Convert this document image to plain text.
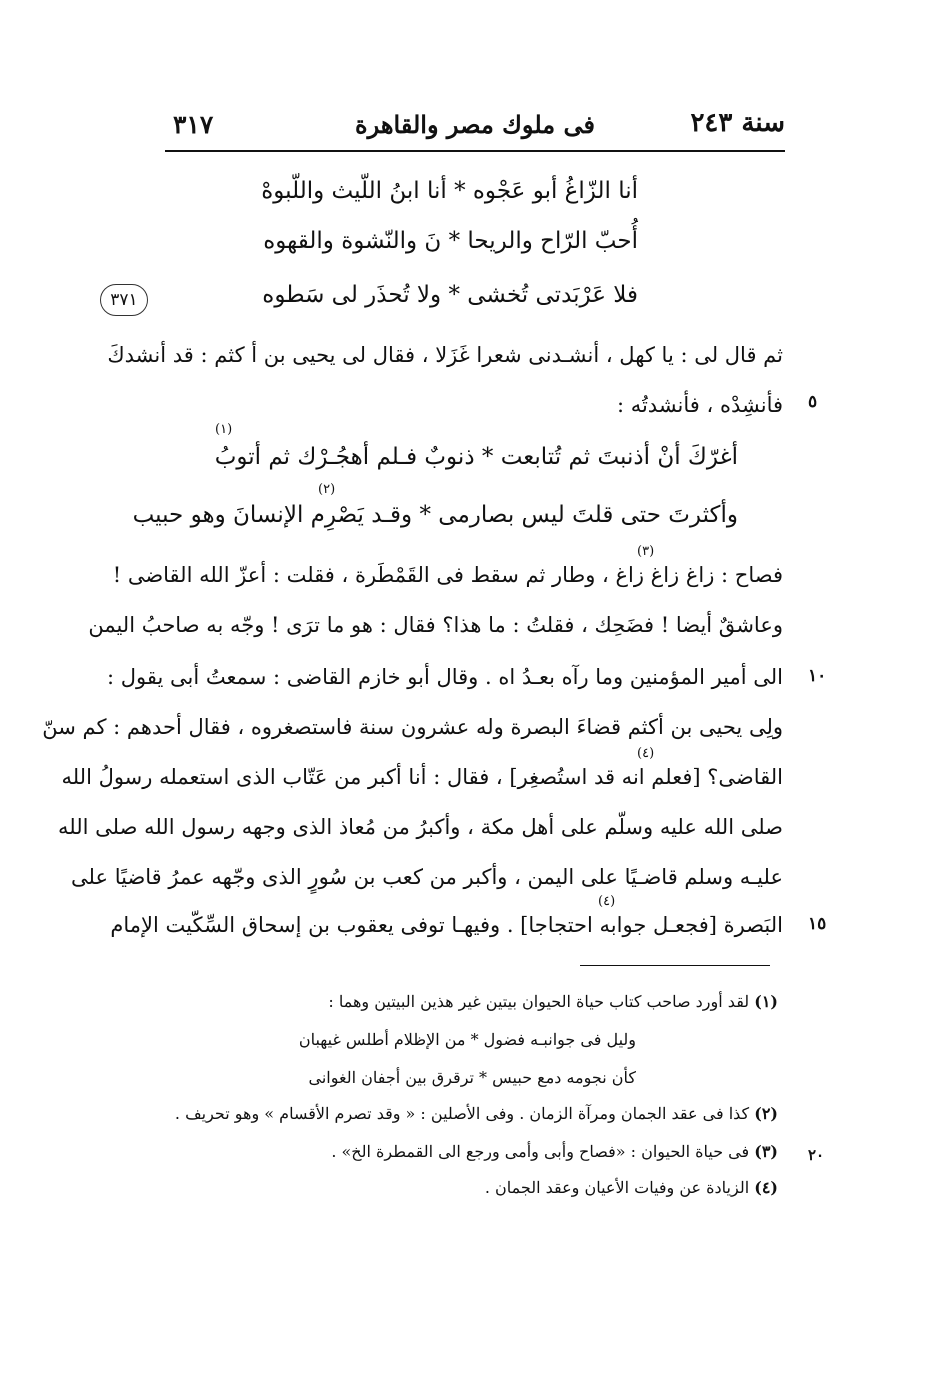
سنة ٢٤٣
فى ملوك مصر والقاهرة
٣١٧
٣٧١
أنا الزّاغُ أبو عَجْوه * أنا ابنُ اللّيث واللّبوهْ
أُحبّ الرّاح والريحا * نَ والنّشوة والقهوه
فلا عَرْبَدتى تُخشى * ولا تُحذَر لى سَطوه
ثم قال لى : يا كهل ، أنشـدنى شعرا غَزَلا ، فقال لى يحيى بن أ كثم : قد أنشدكَ
فأنشِدْه ، فأنشدتُه : ٥
(١)
أغرّكَ أنْ أذنبتَ ثم تُتابعت * ذنوبٌ فـلم أهجُـرْك ثم أتوبُ
(٢)
وأكثرتَ حتى قلتَ ليس بصارمى * وقـد يَصْرِم الإنسانَ وهو حبيب
(٣)
فصاح : زاغ زاغ زاغ ، وطار ثم سقط فى القَمْطَرة ، فقلت : أعزّ الله القاضى !
وعاشقٌ أيضا ! فضَحِك ، فقلتُ : ما هذا؟ فقال : هو ما ترَى ! وجّه به صاحبُ اليمن
الى أمير المؤمنين وما رآه بعـدُ اه . وقال أبو خازم القاضى : سمعتُ أبى يقول : ١٠
ولِى يحيى بن أكثم قضاءَ البصرة وله عشرون سنة فاستصغروه ، فقال أحدهم : كم سنّ
(٤)
القاضى؟ [فعلم انه قد استُصغِر] ، فقال : أنا أكبر من عَتّاب الذى استعمله رسولُ الله
صلى الله عليه وسلّم على أهل مكة ، وأكبرُ من مُعاذ الذى وجهه رسول الله صلى الله
عليـه وسلم قاضـيًا على اليمن ، وأكبر من كعب بن سُورٍ الذى وجّهه عمرُ قاضيًا على
(٤)
البَصرة [فجعـل جوابه احتجاجا] . وفيهـا توفى يعقوب بن إسحاق السِّكّيت الإمام ١٥
(١) لقد أورد صاحب كتاب حياة الحيوان بيتين غير هذين البيتين وهما :
وليل فى جوانبـه فضول * من الإظلام أطلس غيهبان
كأن نجومه دمع حبيس * ترقرق بين أجفان الغوانى
(٢) كذا فى عقد الجمان ومرآة الزمان . وفى الأصلين : « وقد تصرم الأقسام » وهو تحريف .
(٣) فى حياة الحيوان : «فصاح وأبى وأمى ورجع الى القمطرة الخ» .	٢٠
(٤) الزيادة عن وفيات الأعيان وعقد الجمان .
